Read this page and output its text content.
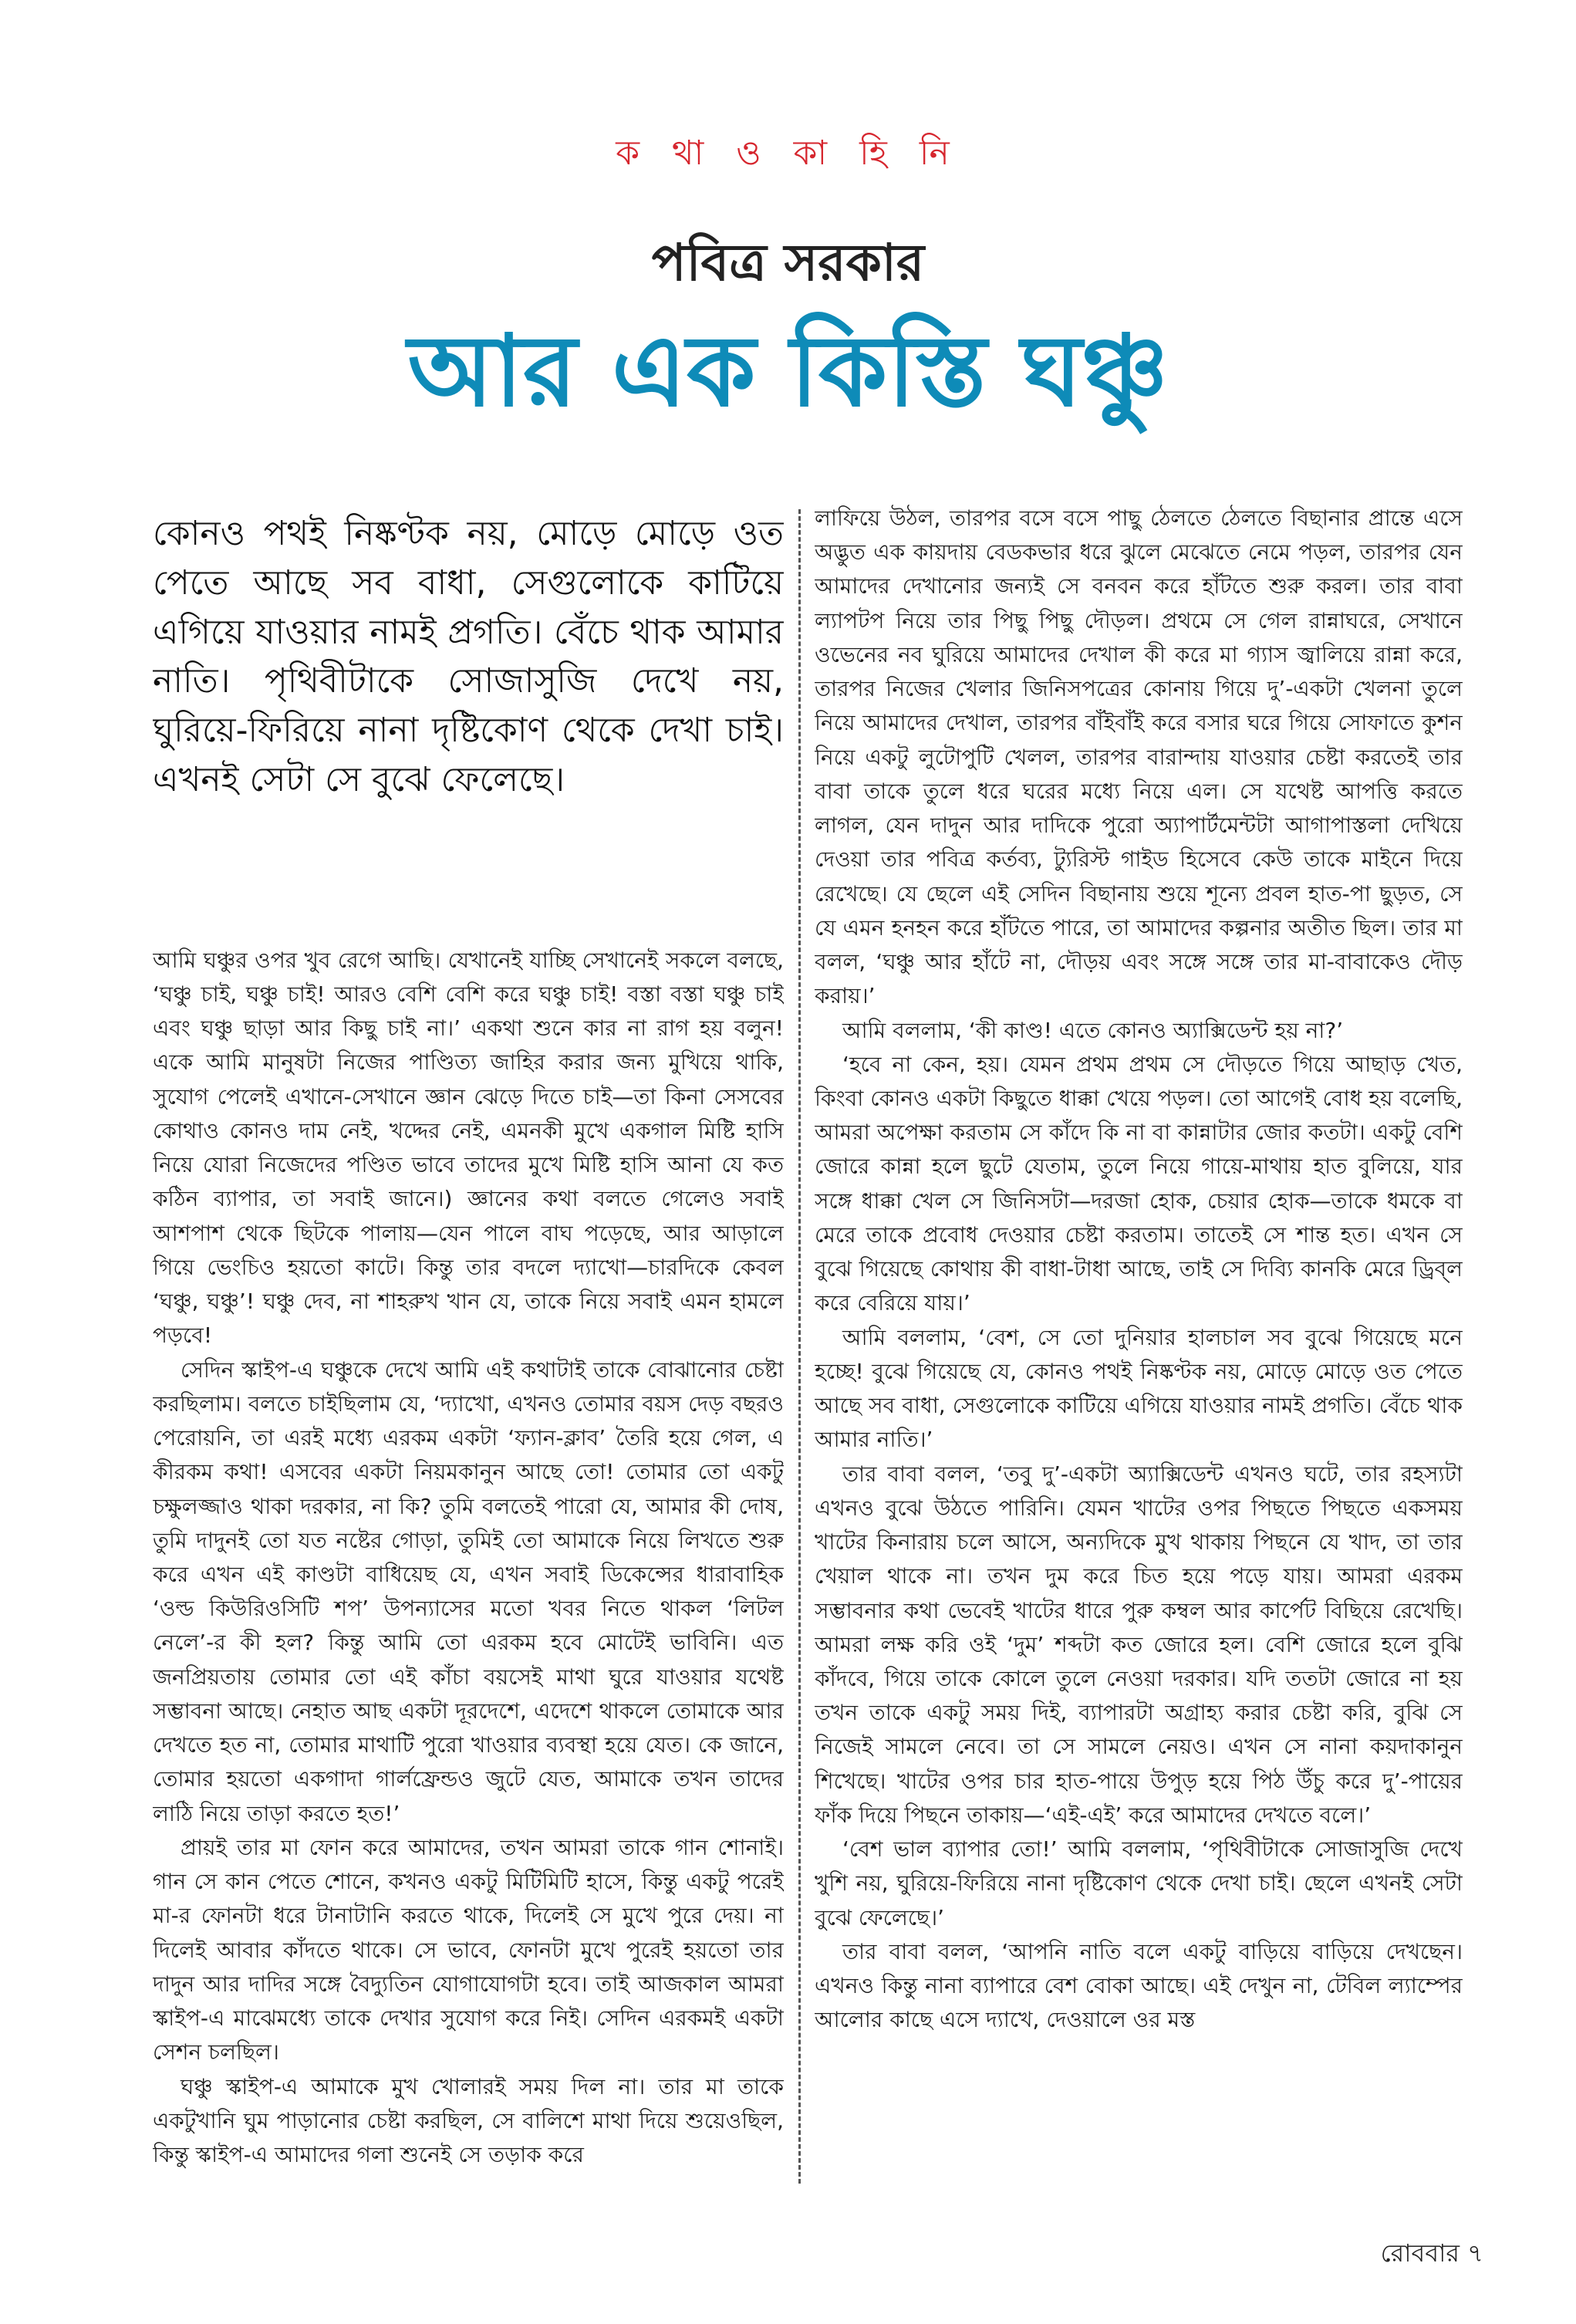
ক থা ও কা হি নি
পবিত্র সরকার
আর এক কিস্তি ঘঞ্চু
কোনও পথই নিষ্কণ্টক নয়, মোড়ে মোড়ে ওত পেতে আছে সব বাধা, সেগুলোকে কাটিয়ে এগিয়ে যাওয়ার নামই প্রগতি। বেঁচে থাক আমার নাতি। পৃথিবীটাকে সোজাসুজি দেখে নয়, ঘুরিয়ে-ফিরিয়ে নানা দৃষ্টিকোণ থেকে দেখা চাই। এখনই সেটা সে বুঝে ফেলেছে।

আমি ঘঞ্চুর ওপর খুব রেগে আছি। যেখানেই যাচ্ছি সেখানেই সকলে বলছে, ‘ঘঞ্চু চাই, ঘঞ্চু চাই! আরও বেশি বেশি করে ঘঞ্চু চাই! বস্তা বস্তা ঘঞ্চু চাই এবং ঘঞ্চু ছাড়া আর কিছু চাই না।’ একথা শুনে কার না রাগ হয় বলুন! একে আমি মানুষটা নিজের পাণ্ডিত্য জাহির করার জন্য মুখিয়ে থাকি, সুযোগ পেলেই এখানে-সেখানে জ্ঞান ঝেড়ে দিতে চাই—তা কিনা সেসবের কোথাও কোনও দাম নেই, খদ্দের নেই, এমনকী মুখে একগাল মিষ্টি হাসি নিয়ে যোরা নিজেদের পণ্ডিত ভাবে তাদের মুখে মিষ্টি হাসি আনা যে কত কঠিন ব্যাপার, তা সবাই জানে।) জ্ঞানের কথা বলতে গেলেও সবাই আশপাশ থেকে ছিটকে পালায়—যেন পালে বাঘ পড়েছে, আর আড়ালে গিয়ে ভেংচিও হয়তো কাটে। কিন্তু তার বদলে দ্যাখো—চারদিকে কেবল ‘ঘঞ্চু, ঘঞ্চু’! ঘঞ্চু দেব, না শাহরুখ খান যে, তাকে নিয়ে সবাই এমন হামলে পড়বে!

সেদিন স্কাইপ-এ ঘঞ্চুকে দেখে আমি এই কথাটাই তাকে বোঝানোর চেষ্টা করছিলাম। বলতে চাইছিলাম যে, ‘দ্যাখো, এখনও তোমার বয়স দেড় বছরও পেরোয়নি, তা এরই মধ্যে এরকম একটা ‘ফ্যান-ক্লাব’ তৈরি হয়ে গেল, এ কীরকম কথা! এসবের একটা নিয়মকানুন আছে তো! তোমার তো একটু চক্ষুলজ্জাও থাকা দরকার, না কি? তুমি বলতেই পারো যে, আমার কী দোষ, তুমি দাদুনই তো যত নষ্টের গোড়া, তুমিই তো আমাকে নিয়ে লিখতে শুরু করে এখন এই কাণ্ডটা বাধিয়েছ যে, এখন সবাই ডিকেন্সের ধারাবাহিক ‘ওল্ড কিউরিওসিটি শপ’ উপন্যাসের মতো খবর নিতে থাকল ‘লিটল নেলে’-র কী হল? কিন্তু আমি তো এরকম হবে মোটেই ভাবিনি। এত জনপ্রিয়তায় তোমার তো এই কাঁচা বয়সেই মাথা ঘুরে যাওয়ার যথেষ্ট সম্ভাবনা আছে। নেহাত আছ একটা দূরদেশে, এদেশে থাকলে তোমাকে আর দেখতে হত না, তোমার মাথাটি পুরো খাওয়ার ব্যবস্থা হয়ে যেত। কে জানে, তোমার হয়তো একগাদা গার্লফ্রেন্ডও জুটে যেত, আমাকে তখন তাদের লাঠি নিয়ে তাড়া করতে হত!’

প্রায়ই তার মা ফোন করে আমাদের, তখন আমরা তাকে গান শোনাই। গান সে কান পেতে শোনে, কখনও একটু মিটিমিটি হাসে, কিন্তু একটু পরেই মা-র ফোনটা ধরে টানাটানি করতে থাকে, দিলেই সে মুখে পুরে দেয়। না দিলেই আবার কাঁদতে থাকে। সে ভাবে, ফোনটা মুখে পুরেই হয়তো তার দাদুন আর দাদির সঙ্গে বৈদ্যুতিন যোগাযোগটা হবে। তাই আজকাল আমরা স্কাইপ-এ মাঝেমধ্যে তাকে দেখার সুযোগ করে নিই। সেদিন এরকমই একটা সেশন চলছিল।

ঘঞ্চু স্কাইপ-এ আমাকে মুখ খোলারই সময় দিল না। তার মা তাকে একটুখানি ঘুম পাড়ানোর চেষ্টা করছিল, সে বালিশে মাথা দিয়ে শুয়েওছিল, কিন্তু স্কাইপ-এ আমাদের গলা শুনেই সে তড়াক করে

লাফিয়ে উঠল, তারপর বসে বসে পাছু ঠেলতে ঠেলতে বিছানার প্রান্তে এসে অদ্ভুত এক কায়দায় বেডকভার ধরে ঝুলে মেঝেতে নেমে পড়ল, তারপর যেন আমাদের দেখানোর জন্যই সে বনবন করে হাঁটতে শুরু করল। তার বাবা ল্যাপটপ নিয়ে তার পিছু পিছু দৌড়ল। প্রথমে সে গেল রান্নাঘরে, সেখানে ওভেনের নব ঘুরিয়ে আমাদের দেখাল কী করে মা গ্যাস জ্বালিয়ে রান্না করে, তারপর নিজের খেলার জিনিসপত্রের কোনায় গিয়ে দু’-একটা খেলনা তুলে নিয়ে আমাদের দেখাল, তারপর বাঁইবাঁই করে বসার ঘরে গিয়ে সোফাতে কুশন নিয়ে একটু লুটোপুটি খেলল, তারপর বারান্দায় যাওয়ার চেষ্টা করতেই তার বাবা তাকে তুলে ধরে ঘরের মধ্যে নিয়ে এল। সে যথেষ্ট আপত্তি করতে লাগল, যেন দাদুন আর দাদিকে পুরো অ্যাপার্টমেন্টটা আগাপাস্তলা দেখিয়ে দেওয়া তার পবিত্র কর্তব্য, ট্যুরিস্ট গাইড হিসেবে কেউ তাকে মাইনে দিয়ে রেখেছে। যে ছেলে এই সেদিন বিছানায় শুয়ে শূন্যে প্রবল হাত-পা ছুড়ত, সে যে এমন হনহন করে হাঁটতে পারে, তা আমাদের কল্পনার অতীত ছিল। তার মা বলল, ‘ঘঞ্চু আর হাঁটে না, দৌড়য় এবং সঙ্গে সঙ্গে তার মা-বাবাকেও দৌড় করায়।’

আমি বললাম, ‘কী কাণ্ড! এতে কোনও অ্যাক্সিডেন্ট হয় না?’

‘হবে না কেন, হয়। যেমন প্রথম প্রথম সে দৌড়তে গিয়ে আছাড় খেত, কিংবা কোনও একটা কিছুতে ধাক্কা খেয়ে পড়ল। তো আগেই বোধ হয় বলেছি, আমরা অপেক্ষা করতাম সে কাঁদে কি না বা কান্নাটার জোর কতটা। একটু বেশি জোরে কান্না হলে ছুটে যেতাম, তুলে নিয়ে গায়ে-মাথায় হাত বুলিয়ে, যার সঙ্গে ধাক্কা খেল সে জিনিসটা—দরজা হোক, চেয়ার হোক—তাকে ধমকে বা মেরে তাকে প্রবোধ দেওয়ার চেষ্টা করতাম। তাতেই সে শান্ত হত। এখন সে বুঝে গিয়েছে কোথায় কী বাধা-টাধা আছে, তাই সে দিব্যি কানকি মেরে ড্রিব্‌ল করে বেরিয়ে যায়।’

আমি বললাম, ‘বেশ, সে তো দুনিয়ার হালচাল সব বুঝে গিয়েছে মনে হচ্ছে! বুঝে গিয়েছে যে, কোনও পথই নিষ্কণ্টক নয়, মোড়ে মোড়ে ওত পেতে আছে সব বাধা, সেগুলোকে কাটিয়ে এগিয়ে যাওয়ার নামই প্রগতি। বেঁচে থাক আমার নাতি।’

তার বাবা বলল, ‘তবু দু’-একটা অ্যাক্সিডেন্ট এখনও ঘটে, তার রহস্যটা এখনও বুঝে উঠতে পারিনি। যেমন খাটের ওপর পিছতে পিছতে একসময় খাটের কিনারায় চলে আসে, অন্যদিকে মুখ থাকায় পিছনে যে খাদ, তা তার খেয়াল থাকে না। তখন দুম করে চিত হয়ে পড়ে যায়। আমরা এরকম সম্ভাবনার কথা ভেবেই খাটের ধারে পুরু কম্বল আর কার্পেট বিছিয়ে রেখেছি। আমরা লক্ষ করি ওই ‘দুম’ শব্দটা কত জোরে হল। বেশি জোরে হলে বুঝি কাঁদবে, গিয়ে তাকে কোলে তুলে নেওয়া দরকার। যদি ততটা জোরে না হয় তখন তাকে একটু সময় দিই, ব্যাপারটা অগ্রাহ্য করার চেষ্টা করি, বুঝি সে নিজেই সামলে নেবে। তা সে সামলে নেয়ও। এখন সে নানা কয়দাকানুন শিখেছে। খাটের ওপর চার হাত-পায়ে উপুড় হয়ে পিঠ উঁচু করে দু’-পায়ের ফাঁক দিয়ে পিছনে তাকায়—‘এই-এই’ করে আমাদের দেখতে বলে।’

‘বেশ ভাল ব্যাপার তো!’ আমি বললাম, ‘পৃথিবীটাকে সোজাসুজি দেখে খুশি নয়, ঘুরিয়ে-ফিরিয়ে নানা দৃষ্টিকোণ থেকে দেখা চাই। ছেলে এখনই সেটা বুঝে ফেলেছে।’

তার বাবা বলল, ‘আপনি নাতি বলে একটু বাড়িয়ে বাড়িয়ে দেখছেন। এখনও কিন্তু নানা ব্যাপারে বেশ বোকা আছে। এই দেখুন না, টেবিল ল্যাম্পের আলোর কাছে এসে দ্যাখে, দেওয়ালে ওর মস্ত

রোববার ৭
